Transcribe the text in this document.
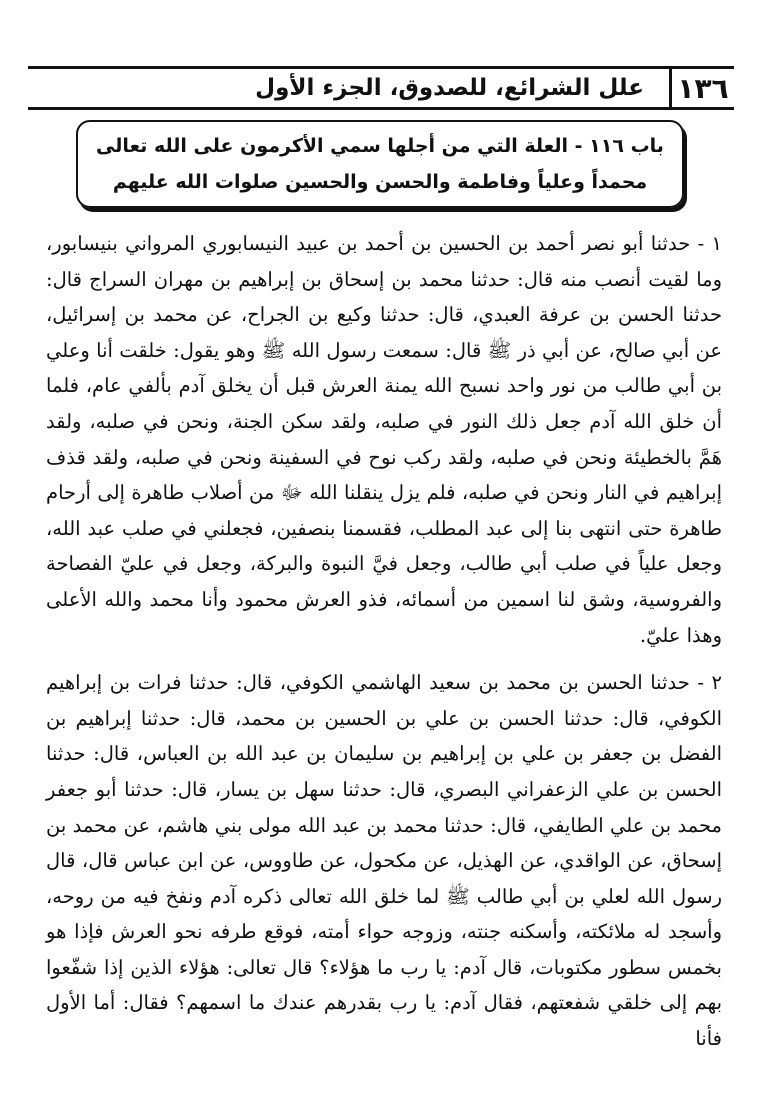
١٣٦
علل الشرائع، للصدوق، الجزء الأول
باب ١١٦ - العلة التي من أجلها سمي الأكرمون على الله تعالى
محمداً وعلياً وفاطمة والحسن والحسين صلوات الله عليهم

١ - حدثنا أبو نصر أحمد بن الحسين بن أحمد بن عبيد النيسابوري المرواني بنيسابور، وما لقيت أنصب منه قال: حدثنا محمد بن إسحاق بن إبراهيم بن مهران السراج قال: حدثنا الحسن بن عرفة العبدي، قال: حدثنا وكيع بن الجراح، عن محمد بن إسرائيل، عن أبي صالح، عن أبي ذر ﷺ قال: سمعت رسول الله ﷺ وهو يقول: خلقت أنا وعلي بن أبي طالب من نور واحد نسبح الله يمنة العرش قبل أن يخلق آدم بألفي عام، فلما أن خلق الله آدم جعل ذلك النور في صلبه، ولقد سكن الجنة، ونحن في صلبه، ولقد هَمَّ بالخطيئة ونحن في صلبه، ولقد ركب نوح في السفينة ونحن في صلبه، ولقد قذف إبراهيم في النار ونحن في صلبه، فلم يزل ينقلنا الله ﷻ من أصلاب طاهرة إلى أرحام طاهرة حتى انتهى بنا إلى عبد المطلب، فقسمنا بنصفين، فجعلني في صلب عبد الله، وجعل علياً في صلب أبي طالب، وجعل فيَّ النبوة والبركة، وجعل في عليّ الفصاحة والفروسية، وشق لنا اسمين من أسمائه، فذو العرش محمود وأنا محمد والله الأعلى وهذا عليّ.

٢ - حدثنا الحسن بن محمد بن سعيد الهاشمي الكوفي، قال: حدثنا فرات بن إبراهيم الكوفي، قال: حدثنا الحسن بن علي بن الحسين بن محمد، قال: حدثنا إبراهيم بن الفضل بن جعفر بن علي بن إبراهيم بن سليمان بن عبد الله بن العباس، قال: حدثنا الحسن بن علي الزعفراني البصري، قال: حدثنا سهل بن يسار، قال: حدثنا أبو جعفر محمد بن علي الطايفي، قال: حدثنا محمد بن عبد الله مولى بني هاشم، عن محمد بن إسحاق، عن الواقدي، عن الهذيل، عن مكحول، عن طاووس، عن ابن عباس قال، قال رسول الله لعلي بن أبي طالب ﷺ لما خلق الله تعالى ذكره آدم ونفخ فيه من روحه، وأسجد له ملائكته، وأسكنه جنته، وزوجه حواء أمته، فوقع طرفه نحو العرش فإذا هو بخمس سطور مكتوبات، قال آدم: يا رب ما هؤلاء؟ قال تعالى: هؤلاء الذين إذا شفّعوا بهم إلى خلقي شفعتهم، فقال آدم: يا رب بقدرهم عندك ما اسمهم؟ فقال: أما الأول فأنا
